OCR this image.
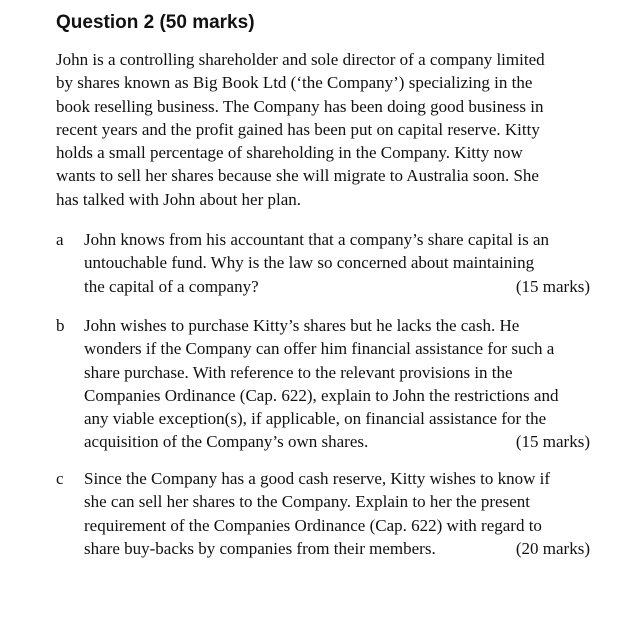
Question 2 (50 marks)
John is a controlling shareholder and sole director of a company limited
by shares known as Big Book Ltd (‘the Company’) specializing in the
book reselling business. The Company has been doing good business in
recent years and the profit gained has been put on capital reserve. Kitty
holds a small percentage of shareholding in the Company. Kitty now
wants to sell her shares because she will migrate to Australia soon. She
has talked with John about her plan.
a	John knows from his accountant that a company’s share capital is an
untouchable fund. Why is the law so concerned about maintaining
the capital of a company?	(15 marks)
b	John wishes to purchase Kitty’s shares but he lacks the cash. He
wonders if the Company can offer him financial assistance for such a
share purchase. With reference to the relevant provisions in the
Companies Ordinance (Cap. 622), explain to John the restrictions and
any viable exception(s), if applicable, on financial assistance for the
acquisition of the Company’s own shares.	(15 marks)
c	Since the Company has a good cash reserve, Kitty wishes to know if
she can sell her shares to the Company. Explain to her the present
requirement of the Companies Ordinance (Cap. 622) with regard to
share buy-backs by companies from their members.	(20 marks)
